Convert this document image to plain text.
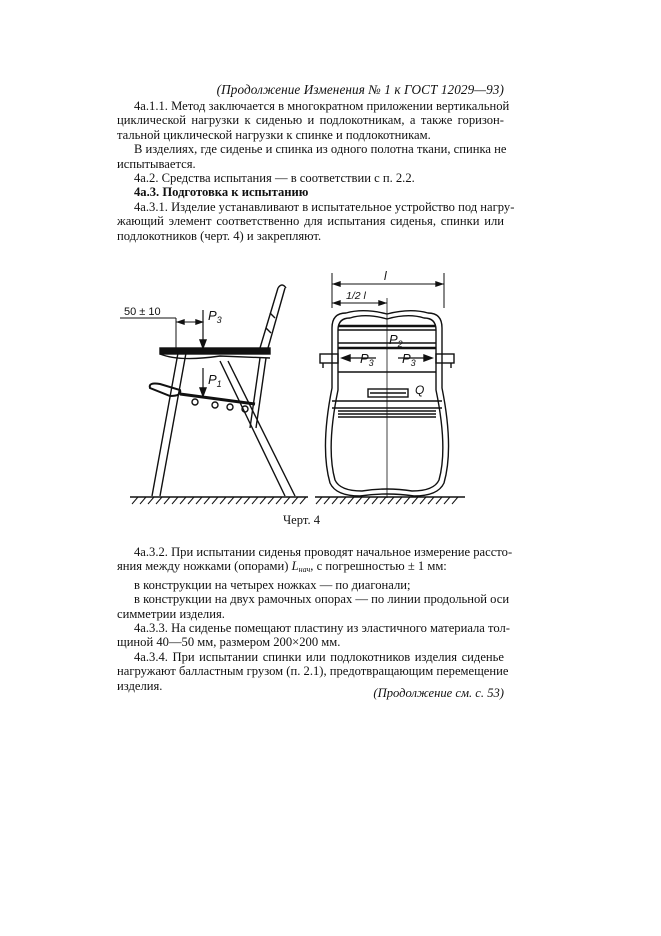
(Продолжение Изменения № 1 к ГОСТ 12029—93)
4а.1.1. Метод заключается в многократном приложении вертикальной
циклической нагрузки к сиденью и подлокотникам, а также горизон-
тальной циклической нагрузки к спинке и подлокотникам.
В изделиях, где сиденье и спинка из одного полотна ткани, спинка не
испытывается.
4а.2. Средства испытания — в соответствии с п. 2.2.
4а.3. Подготовка к испытанию
4а.3.1. Изделие устанавливают в испытательное устройство под нагру-
жающий элемент соответственно для испытания сиденья, спинки или
подлокотников (черт. 4) и закрепляют.
50 ± 10	$P_3$
$P_1$
l
1/2 l
$P_2$
$P_3$ $P_3$
Q
Черт. 4
4а.3.2. При испытании сиденья проводят начальное измерение рассто-
яния между ножками (опорами) $L_{нач}$, с погрешностью ± 1 мм:
в конструкции на четырех ножках — по диагонали;
в конструкции на двух рамочных опорах — по линии продольной оси
симметрии изделия.
4а.3.3. На сиденье помещают пластину из эластичного материала тол-
щиной 40—50 мм, размером 200×200 мм.
4а.3.4. При испытании спинки или подлокотников изделия сиденье
нагружают балластным грузом (п. 2.1), предотвращающим перемещение
изделия.
(Продолжение см. с. 53)
